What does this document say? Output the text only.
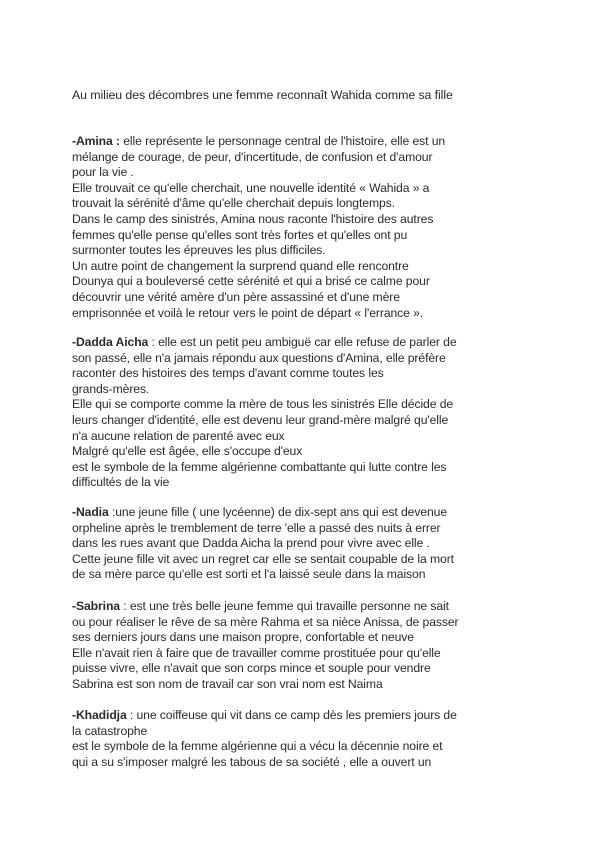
Au milieu des décombres une femme reconnaît Wahida comme sa fille
-Amina : elle représente le personnage central de l'histoire, elle est un
mélange de courage, de peur, d'incertitude, de confusion et d'amour
pour la vie .
Elle trouvait ce qu'elle cherchait, une nouvelle identité « Wahida » a
trouvait la sérénité d'âme qu'elle cherchait depuis longtemps.
Dans le camp des sinistrés, Amina nous raconte l'histoire des autres
femmes qu'elle pense qu'elles sont très fortes et qu'elles ont pu
surmonter toutes les épreuves les plus difficiles.
Un autre point de changement la surprend quand elle rencontre
Dounya qui a bouleversé cette sérénité et qui a brisé ce calme pour
découvrir une vérité amère d'un père assassiné et d'une mère
emprisonnée et voilà le retour vers le point de départ « l'errance ».
-Dadda Aicha : elle est un petit peu ambiguë car elle refuse de parler de
son passé, elle n'a jamais répondu aux questions d'Amina, elle préfère
raconter des histoires des temps d'avant comme toutes les
grands-mères.
Elle qui se comporte comme la mère de tous les sinistrés Elle décide de
leurs changer d'identité, elle est devenu leur grand-mère malgré qu'elle
n'a aucune relation de parenté avec eux
Malgré qu'elle est âgée, elle s'occupe d'eux
est le symbole de la femme algérienne combattante qui lutte contre les
difficultés de la vie
-Nadia :une jeune fille ( une lycéenne) de dix-sept ans qui est devenue
orpheline après le tremblement de terre 'elle a passé des nuits à errer
dans les rues avant que Dadda Aicha la prend pour vivre avec elle .
Cette jeune fille vit avec un regret car elle se sentait coupable de la mort
de sa mère parce qu'elle est sorti et l'a laissé seule dans la maison
-Sabrina : est une très belle jeune femme qui travaille personne ne sait
ou pour réaliser le rêve de sa mère Rahma et sa nièce Anissa, de passer
ses derniers jours dans une maison propre, confortable et neuve
Elle n'avait rien à faire que de travailler comme prostituée pour qu'elle
puisse vivre, elle n'avait que son corps mince et souple pour vendre
Sabrina est son nom de travail car son vrai nom est Naima
-Khadidja : une coiffeuse qui vit dans ce camp dès les premiers jours de
la catastrophe
est le symbole de la femme algérienne qui a vécu la décennie noire et
qui a su s'imposer malgré les tabous de sa société , elle a ouvert un
